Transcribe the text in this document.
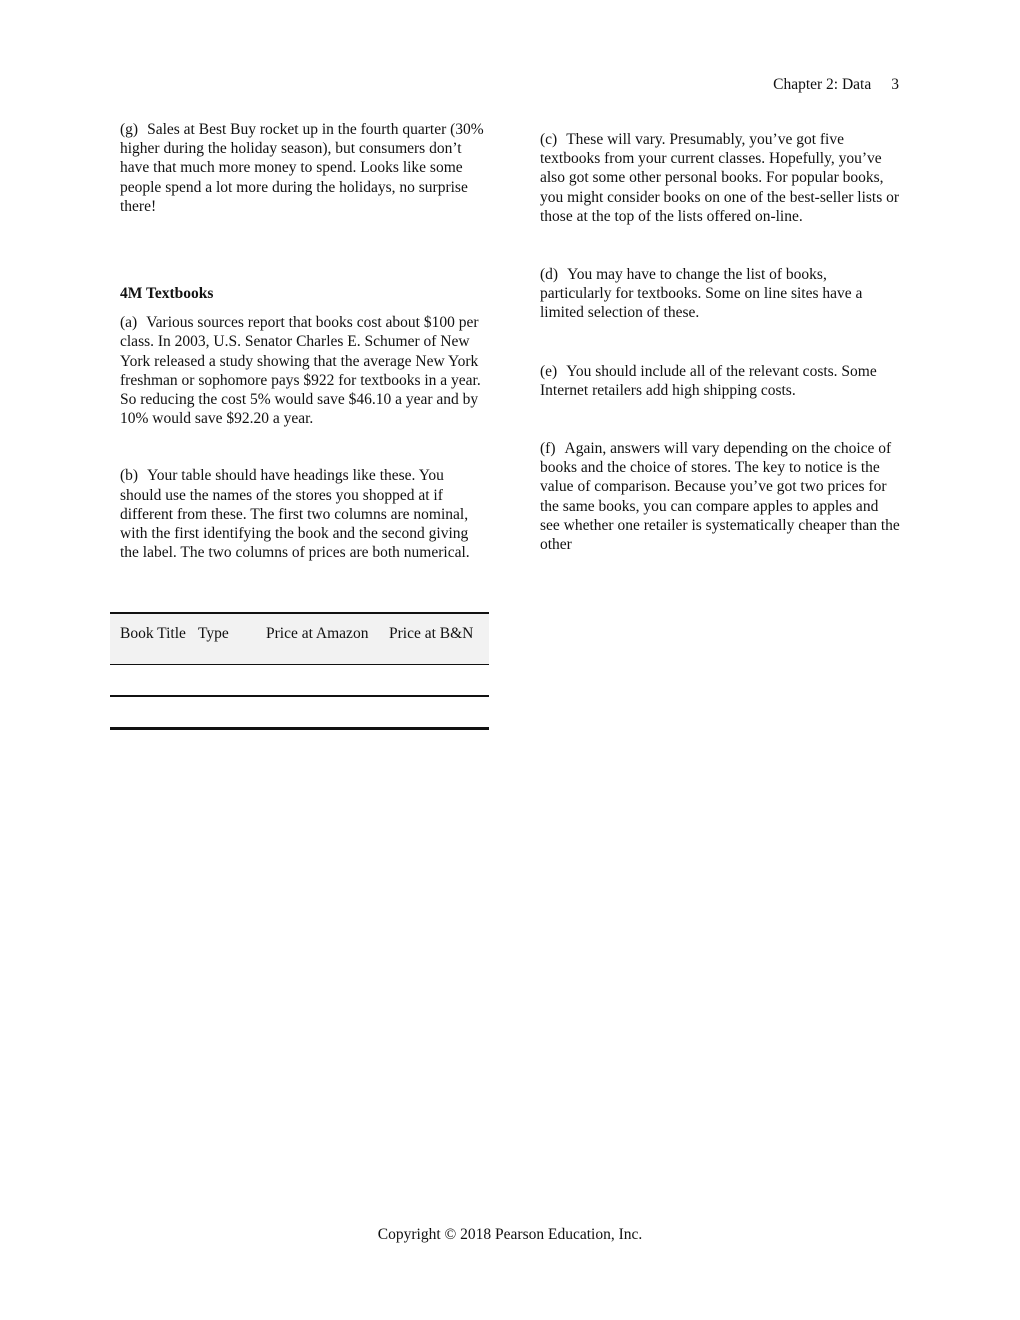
Chapter 2: Data 3

(g) Sales at Best Buy rocket up in the fourth quarter (30% higher during the holiday season), but consumers don’t have that much more money to spend. Looks like some people spend a lot more during the holidays, no surprise there!

4M Textbooks

(a) Various sources report that books cost about $100 per class. In 2003, U.S. Senator Charles E. Schumer of New York released a study showing that the average New York freshman or sophomore pays $922 for textbooks in a year. So reducing the cost 5% would save $46.10 a year and by 10% would save $92.20 a year.

(b) Your table should have headings like these. You should use the names of the stores you shopped at if different from these. The first two columns are nominal, with the first identifying the book and the second giving the label. The two columns of prices are both numerical.

Book Title	Type	Price at Amazon	Price at B&N

(c) These will vary. Presumably, you’ve got five textbooks from your current classes. Hopefully, you’ve also got some other personal books. For popular books, you might consider books on one of the best-seller lists or those at the top of the lists offered on-line.

(d) You may have to change the list of books, particularly for textbooks. Some on line sites have a limited selection of these.

(e) You should include all of the relevant costs. Some Internet retailers add high shipping costs.

(f) Again, answers will vary depending on the choice of books and the choice of stores. The key to notice is the value of comparison. Because you’ve got two prices for the same books, you can compare apples to apples and see whether one retailer is systematically cheaper than the other

Copyright © 2018 Pearson Education, Inc.
